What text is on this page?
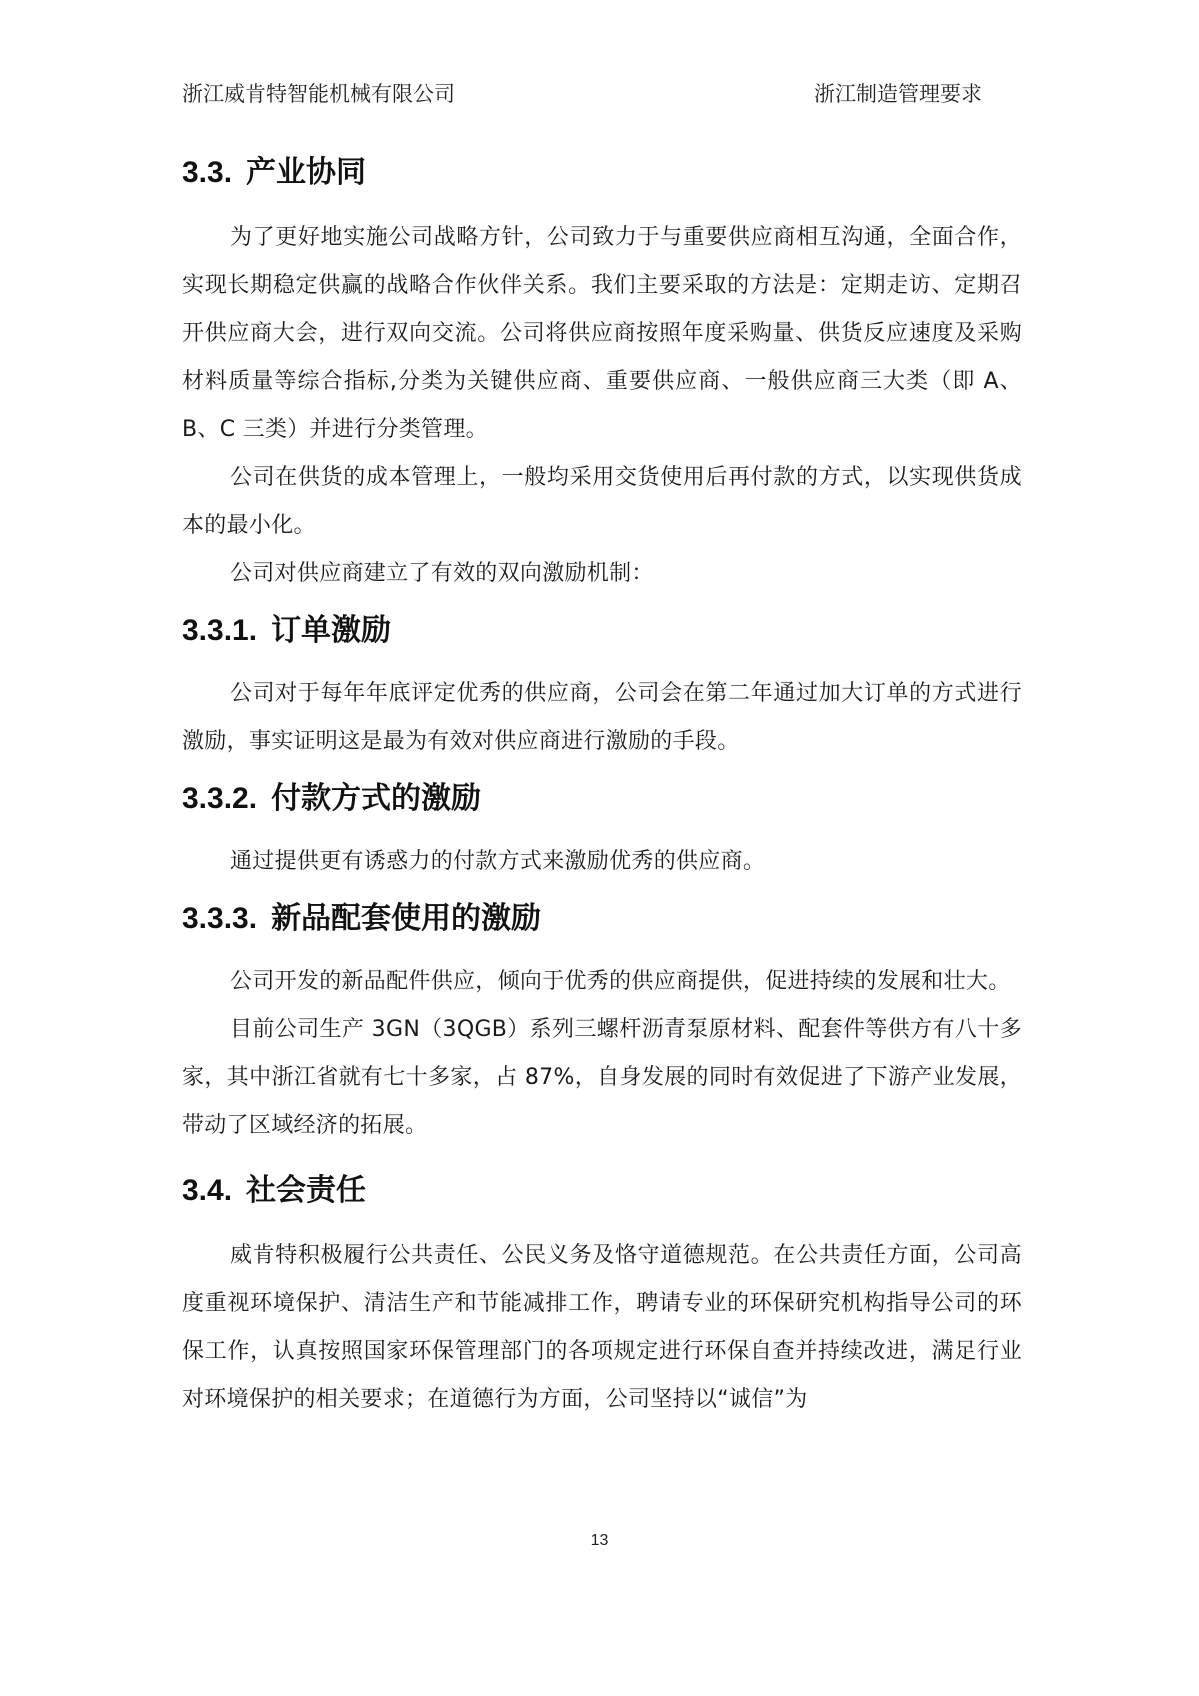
浙江威肯特智能机械有限公司	浙江制造管理要求
3.3. 产业协同

为了更好地实施公司战略方针，公司致力于与重要供应商相互沟通，全面合作，实现长期稳定供赢的战略合作伙伴关系。我们主要采取的方法是：定期走访、定期召开供应商大会，进行双向交流。公司将供应商按照年度采购量、供货反应速度及采购材料质量等综合指标,分类为关键供应商、重要供应商、一般供应商三大类（即 A、B、C 三类）并进行分类管理。

公司在供货的成本管理上，一般均采用交货使用后再付款的方式，以实现供货成本的最小化。

公司对供应商建立了有效的双向激励机制：

3.3.1. 订单激励

公司对于每年年底评定优秀的供应商，公司会在第二年通过加大订单的方式进行激励，事实证明这是最为有效对供应商进行激励的手段。

3.3.2. 付款方式的激励

通过提供更有诱惑力的付款方式来激励优秀的供应商。

3.3.3. 新品配套使用的激励

公司开发的新品配件供应，倾向于优秀的供应商提供，促进持续的发展和壮大。

目前公司生产 3GN（3QGB）系列三螺杆沥青泵原材料、配套件等供方有八十多家，其中浙江省就有七十多家，占 87%，自身发展的同时有效促进了下游产业发展，带动了区域经济的拓展。

3.4. 社会责任

威肯特积极履行公共责任、公民义务及恪守道德规范。在公共责任方面，公司高度重视环境保护、清洁生产和节能减排工作，聘请专业的环保研究机构指导公司的环保工作，认真按照国家环保管理部门的各项规定进行环保自查并持续改进，满足行业对环境保护的相关要求；在道德行为方面，公司坚持以“诚信”为

13
